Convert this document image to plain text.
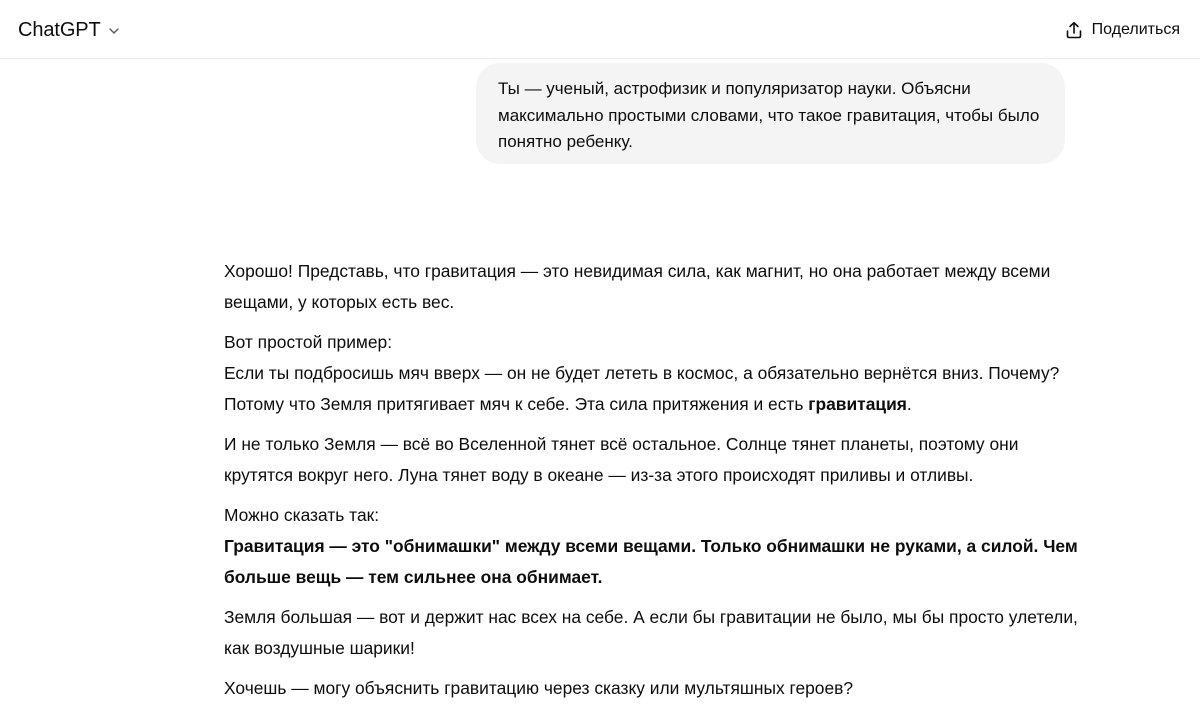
ChatGPT	Поделиться
Ты — ученый, астрофизик и популяризатор науки. Объясни максимально простыми словами, что такое гравитация, чтобы было понятно ребенку.

Хорошо! Представь, что гравитация — это невидимая сила, как магнит, но она работает между всеми вещами, у которых есть вес.

Вот простой пример:
Если ты подбросишь мяч вверх — он не будет лететь в космос, а обязательно вернётся вниз. Почему? Потому что Земля притягивает мяч к себе. Эта сила притяжения и есть гравитация.

И не только Земля — всё во Вселенной тянет всё остальное. Солнце тянет планеты, поэтому они крутятся вокруг него. Луна тянет воду в океане — из-за этого происходят приливы и отливы.

Можно сказать так:
Гравитация — это "обнимашки" между всеми вещами. Только обнимашки не руками, а силой. Чем больше вещь — тем сильнее она обнимает.

Земля большая — вот и держит нас всех на себе. А если бы гравитации не было, мы бы просто улетели, как воздушные шарики!

Хочешь — могу объяснить гравитацию через сказку или мультяшных героев?
